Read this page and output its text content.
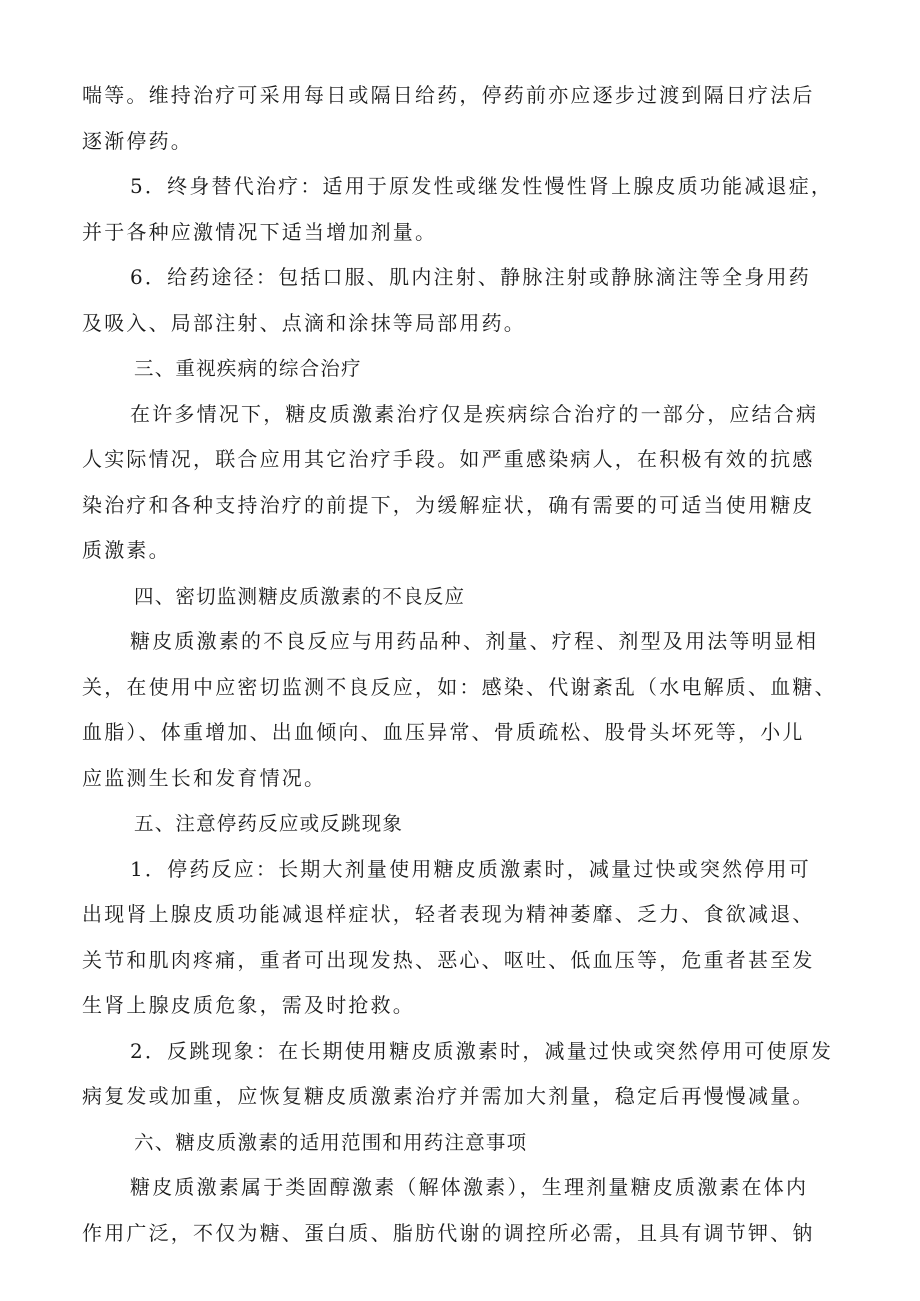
喘等。维持治疗可采用每日或隔日给药，停药前亦应逐步过渡到隔日疗法后
逐渐停药。
5．终身替代治疗：适用于原发性或继发性慢性肾上腺皮质功能减退症，
并于各种应激情况下适当增加剂量。
6．给药途径：包括口服、肌内注射、静脉注射或静脉滴注等全身用药
及吸入、局部注射、点滴和涂抹等局部用药。
三、重视疾病的综合治疗
在许多情况下，糖皮质激素治疗仅是疾病综合治疗的一部分，应结合病
人实际情况，联合应用其它治疗手段。如严重感染病人，在积极有效的抗感
染治疗和各种支持治疗的前提下，为缓解症状，确有需要的可适当使用糖皮
质激素。
四、密切监测糖皮质激素的不良反应
糖皮质激素的不良反应与用药品种、剂量、疗程、剂型及用法等明显相
关，在使用中应密切监测不良反应，如：感染、代谢紊乱（水电解质、血糖、
血脂）、体重增加、出血倾向、血压异常、骨质疏松、股骨头坏死等，小儿
应监测生长和发育情况。
五、注意停药反应或反跳现象
1．停药反应：长期大剂量使用糖皮质激素时，减量过快或突然停用可
出现肾上腺皮质功能减退样症状，轻者表现为精神萎靡、乏力、食欲减退、
关节和肌肉疼痛，重者可出现发热、恶心、呕吐、低血压等，危重者甚至发
生肾上腺皮质危象，需及时抢救。
2．反跳现象：在长期使用糖皮质激素时，减量过快或突然停用可使原发
病复发或加重，应恢复糖皮质激素治疗并需加大剂量，稳定后再慢慢减量。
六、糖皮质激素的适用范围和用药注意事项
糖皮质激素属于类固醇激素（解体激素），生理剂量糖皮质激素在体内
作用广泛，不仅为糖、蛋白质、脂肪代谢的调控所必需，且具有调节钾、钠
